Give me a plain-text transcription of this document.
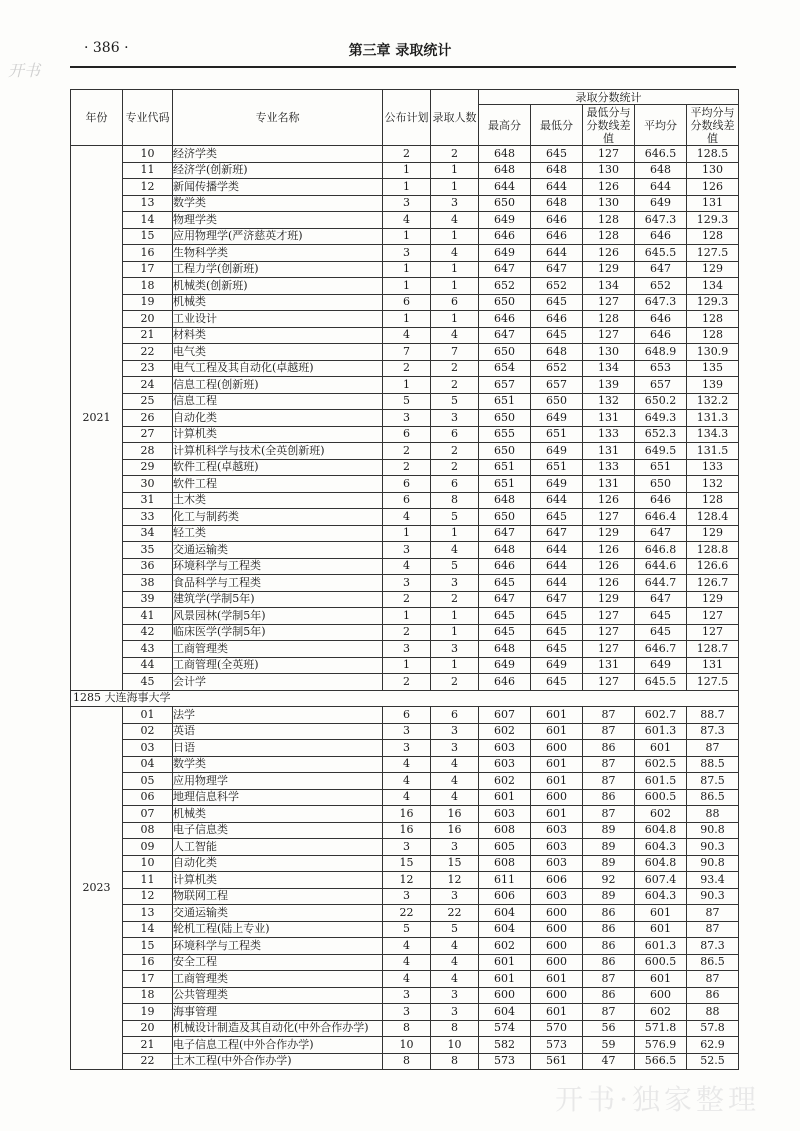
· 386 ·	第三章 录取统计
开书
年份	专业代码	专业名称	公布计划	录取人数	录取分数统计				
					最高分	最低分	最低分与分数线差值	平均分	平均分与分数线差值
2021	10	经济学类	2	2	648	645	127	646.5	128.5
	11	经济学(创新班)	1	1	648	648	130	648	130
	12	新闻传播学类	1	1	644	644	126	644	126
	13	数学类	3	3	650	648	130	649	131
	14	物理学类	4	4	649	646	128	647.3	129.3
	15	应用物理学(严济慈英才班)	1	1	646	646	128	646	128
	16	生物科学类	3	4	649	644	126	645.5	127.5
	17	工程力学(创新班)	1	1	647	647	129	647	129
	18	机械类(创新班)	1	1	652	652	134	652	134
	19	机械类	6	6	650	645	127	647.3	129.3
	20	工业设计	1	1	646	646	128	646	128
	21	材料类	4	4	647	645	127	646	128
	22	电气类	7	7	650	648	130	648.9	130.9
	23	电气工程及其自动化(卓越班)	2	2	654	652	134	653	135
	24	信息工程(创新班)	1	2	657	657	139	657	139
	25	信息工程	5	5	651	650	132	650.2	132.2
	26	自动化类	3	3	650	649	131	649.3	131.3
	27	计算机类	6	6	655	651	133	652.3	134.3
	28	计算机科学与技术(全英创新班)	2	2	650	649	131	649.5	131.5
	29	软件工程(卓越班)	2	2	651	651	133	651	133
	30	软件工程	6	6	651	649	131	650	132
	31	土木类	6	8	648	644	126	646	128
	33	化工与制药类	4	5	650	645	127	646.4	128.4
	34	轻工类	1	1	647	647	129	647	129
	35	交通运输类	3	4	648	644	126	646.8	128.8
	36	环境科学与工程类	4	5	646	644	126	644.6	126.6
	38	食品科学与工程类	3	3	645	644	126	644.7	126.7
	39	建筑学(学制5年)	2	2	647	647	129	647	129
	41	风景园林(学制5年)	1	1	645	645	127	645	127
	42	临床医学(学制5年)	2	1	645	645	127	645	127
	43	工商管理类	3	3	648	645	127	646.7	128.7
	44	工商管理(全英班)	1	1	649	649	131	649	131
	45	会计学	2	2	646	645	127	645.5	127.5
1285 大连海事大学									
2023	01	法学	6	6	607	601	87	602.7	88.7
	02	英语	3	3	602	601	87	601.3	87.3
	03	日语	3	3	603	600	86	601	87
	04	数学类	4	4	603	601	87	602.5	88.5
	05	应用物理学	4	4	602	601	87	601.5	87.5
	06	地理信息科学	4	4	601	600	86	600.5	86.5
	07	机械类	16	16	603	601	87	602	88
	08	电子信息类	16	16	608	603	89	604.8	90.8
	09	人工智能	3	3	605	603	89	604.3	90.3
	10	自动化类	15	15	608	603	89	604.8	90.8
	11	计算机类	12	12	611	606	92	607.4	93.4
	12	物联网工程	3	3	606	603	89	604.3	90.3
	13	交通运输类	22	22	604	600	86	601	87
	14	轮机工程(陆上专业)	5	5	604	600	86	601	87
	15	环境科学与工程类	4	4	602	600	86	601.3	87.3
	16	安全工程	4	4	601	600	86	600.5	86.5
	17	工商管理类	4	4	601	601	87	601	87
	18	公共管理类	3	3	600	600	86	600	86
	19	海事管理	3	3	604	601	87	602	88
	20	机械设计制造及其自动化(中外合作办学)	8	8	574	570	56	571.8	57.8
	21	电子信息工程(中外合作办学)	10	10	582	573	59	576.9	62.9
	22	土木工程(中外合作办学)	8	8	573	561	47	566.5	52.5
开书·独家整理
